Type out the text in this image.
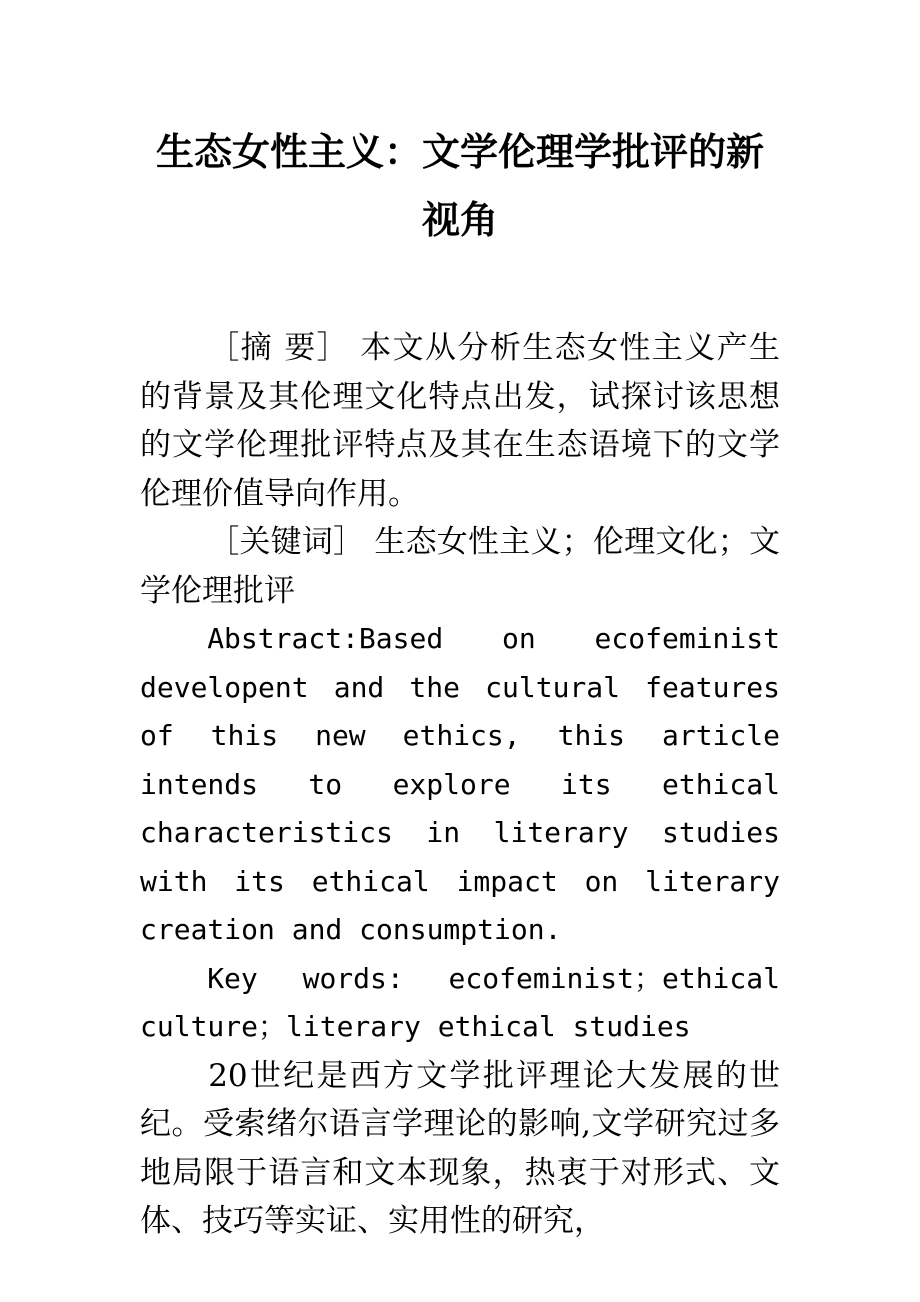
生态女性主义：文学伦理学批评的新
视角

［摘 要］ 本文从分析生态女性主义产生的背景及其伦理文化特点出发，试探讨该思想的文学伦理批评特点及其在生态语境下的文学伦理价值导向作用。

［关键词］ 生态女性主义；伦理文化；文学伦理批评

Abstract:Based on ecofeminist developent and the cultural features of this new ethics, this article intends to explore its ethical characteristics in literary studies with its ethical impact on literary creation and consumption.

Key words: ecofeminist；ethical culture；literary ethical studies

20世纪是西方文学批评理论大发展的世纪。受索绪尔语言学理论的影响,文学研究过多地局限于语言和文本现象，热衷于对形式、文体、技巧等实证、实用性的研究，
